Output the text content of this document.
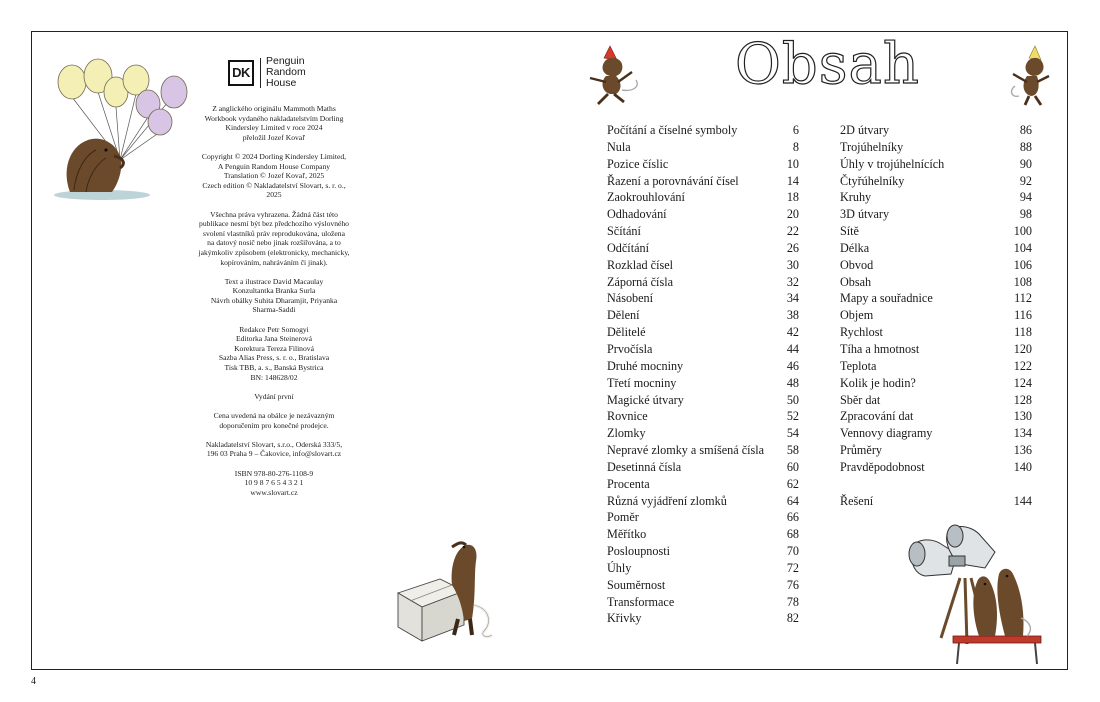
DK
Penguin
Random
House

Z anglického originálu Mammoth Maths
Workbook vydaného nakladatelstvím Dorling
Kindersley Limited v roce 2024
přeložil Jozef Kovaľ

Copyright © 2024 Dorling Kindersley Limited,
A Penguin Random House Company
Translation © Jozef Kovaľ, 2025
Czech edition © Nakladatelství Slovart, s. r. o., 2025

Všechna práva vyhrazena. Žádná část této
publikace nesmí být bez předchozího výslovného
svolení vlastníků práv reprodukována, uložena
na datový nosič nebo jinak rozšiřována, a to
jakýmkoliv způsobem (elektronicky, mechanicky,
kopírováním, nahráváním či jinak).

Text a ilustrace David Macaulay
Konzultantka Branka Surla
Návrh obálky Suhita Dharamjit, Priyanka
Sharma-Saddi

Redakce Petr Somogyi
Editorka Jana Steinerová
Korektura Tereza Filinová
Sazba Alias Press, s. r. o., Bratislava
Tisk TBB, a. s., Banská Bystrica
BN: 148628/02

Vydání první

Cena uvedená na obálce je nezávazným
doporučením pro konečné prodejce.

Nakladatelství Slovart, s.r.o., Oderská 333/5,
196 03 Praha 9 – Čakovice, info@slovart.cz

ISBN 978-80-276-1108-9
10 9 8 7 6 5 4 3 2 1
www.slovart.cz

Obsah
Počítání a číselné symboly	6
Nula	8
Pozice číslic	10
Řazení a porovnávání čísel	14
Zaokrouhlování	18
Odhadování	20
Sčítání	22
Odčítání	26
Rozklad čísel	30
Záporná čísla	32
Násobení	34
Dělení	38
Dělitelé	42
Prvočísla	44
Druhé mocniny	46
Třetí mocniny	48
Magické útvary	50
Rovnice	52
Zlomky	54
Nepravé zlomky a smíšená čísla 58
Desetinná čísla	60
Procenta	62
Různá vyjádření zlomků	64
Poměr	66
Měřítko	68
Posloupnosti	70
Úhly	72
Souměrnost	76
Transformace	78
Křivky	82
2D útvary	86
Trojúhelníky	88
Úhly v trojúhelnících	90
Čtyřúhelníky	92
Kruhy	94
3D útvary	98
Sítě	100
Délka	104
Obvod	106
Obsah	108
Mapy a souřadnice	112
Objem	116
Rychlost	118
Tíha a hmotnost	120
Teplota	122
Kolik je hodin?	124
Sběr dat	128
Zpracování dat	130
Vennovy diagramy	134
Průměry	136
Pravděpodobnost	140
Řešení	144
4
